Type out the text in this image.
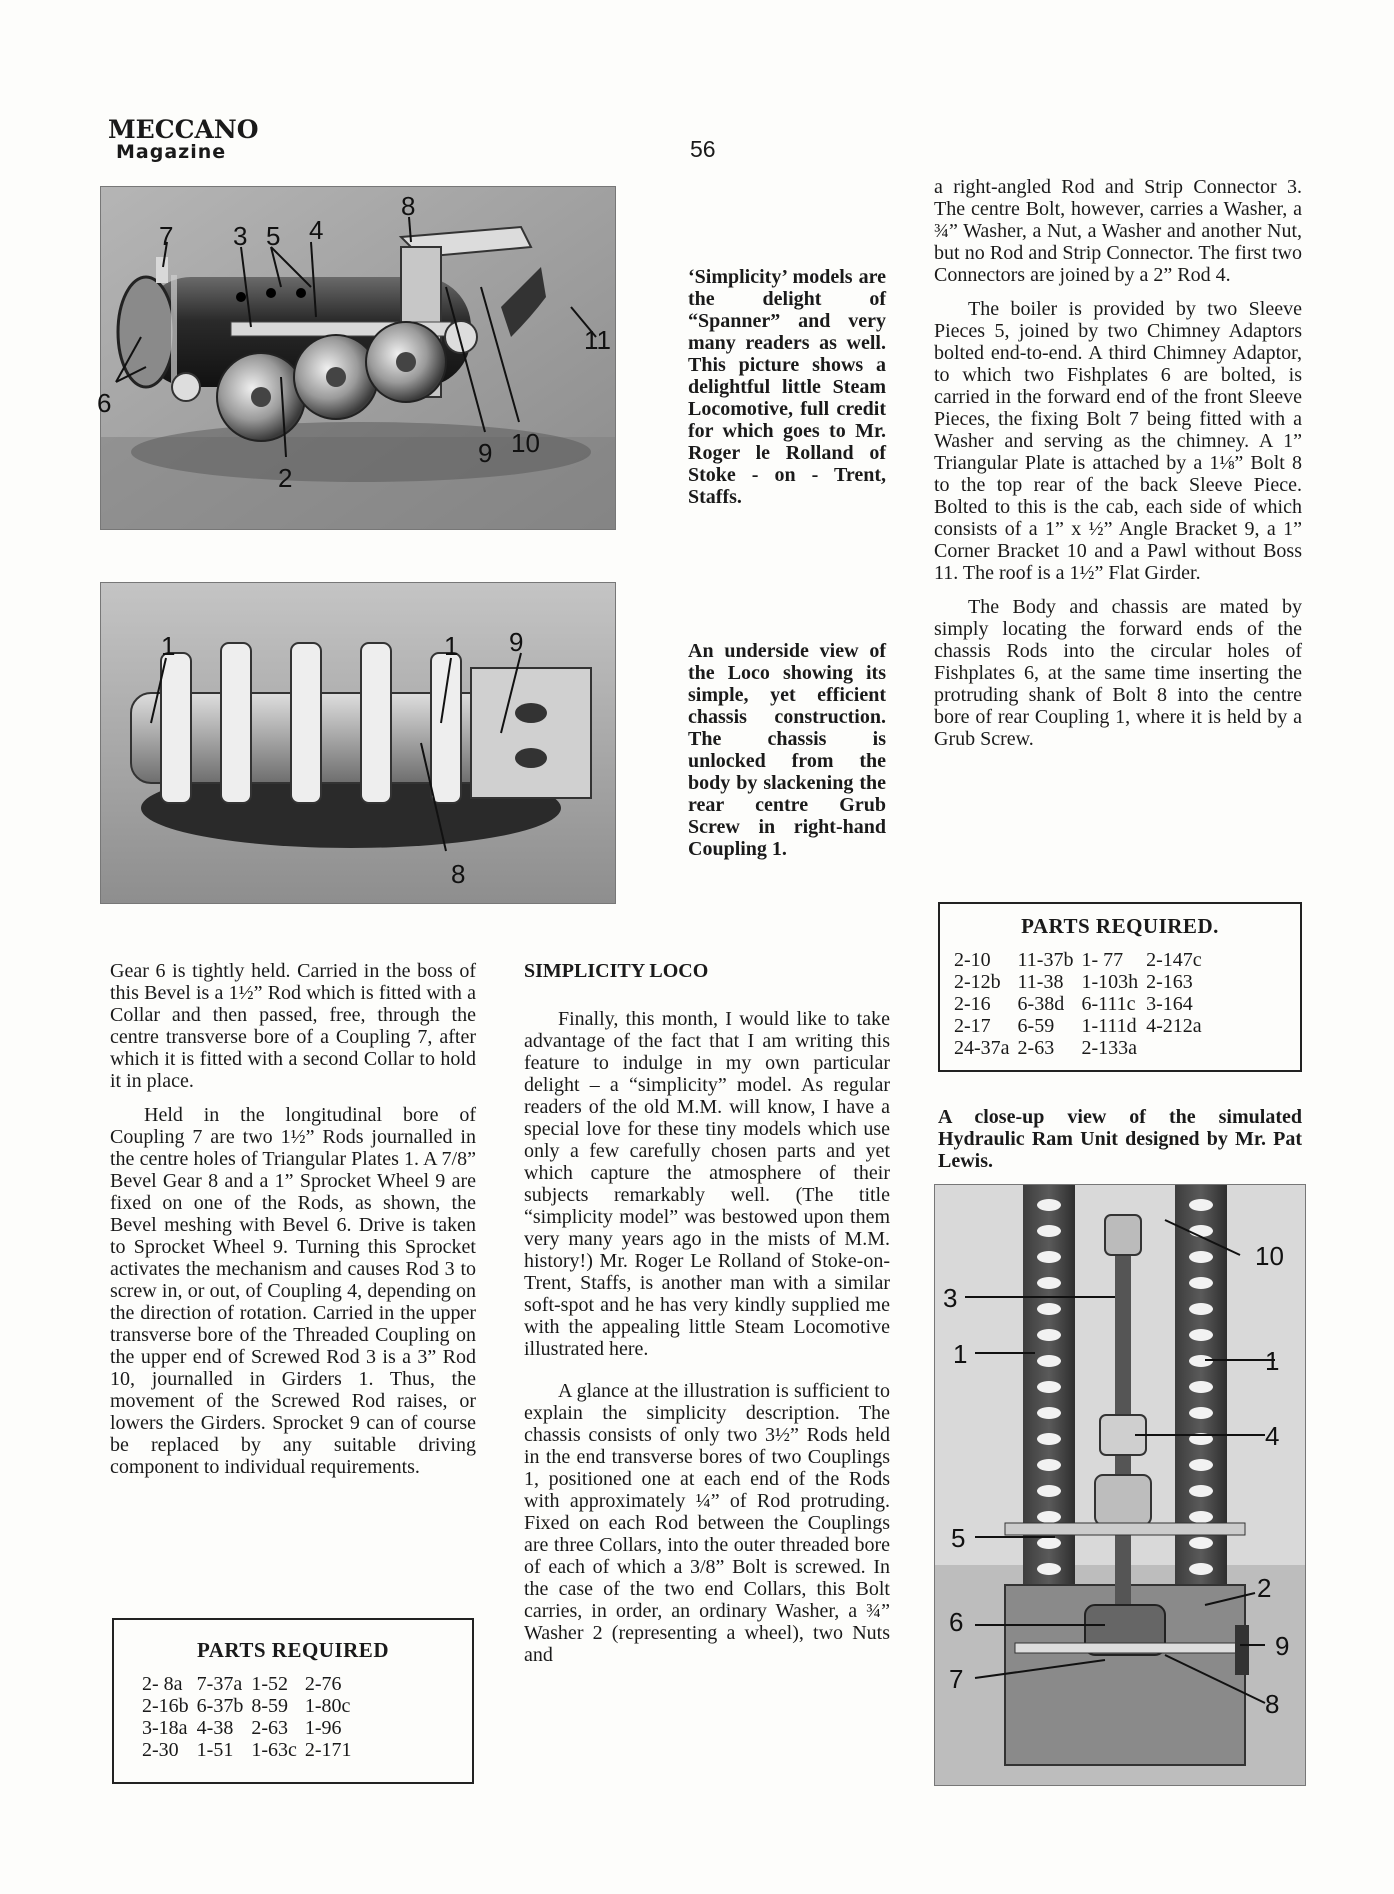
MECCANO
Magazine	56
7 3 5 4
8
11
6
2
9 10
‘Simplicity’ models are the delight of “Spanner” and very many readers as well. This picture shows a delightful little Steam Locomotive, full credit for which goes to Mr. Roger le Rolland of Stoke - on - Trent, Staffs.
1	1 9
8
An underside view of the Loco showing its simple, yet efficient chassis construction. The chassis is unlocked from the body by slackening the rear centre Grub Screw in right-hand Coupling 1.

a right-angled Rod and Strip Connector 3. The centre Bolt, however, carries a Washer, a ¾” Washer, a Nut, a Washer and another Nut, but no Rod and Strip Connector. The first two Connectors are joined by a 2” Rod 4.

The boiler is provided by two Sleeve Pieces 5, joined by two Chimney Adaptors bolted end-to-end. A third Chimney Adaptor, to which two Fishplates 6 are bolted, is carried in the forward end of the front Sleeve Pieces, the fixing Bolt 7 being fitted with a Washer and serving as the chimney. A 1” Triangular Plate is attached by a 1⅛” Bolt 8 to the top rear of the back Sleeve Piece. Bolted to this is the cab, each side of which consists of a 1” x ½” Angle Bracket 9, a 1” Corner Bracket 10 and a Pawl without Boss 11. The roof is a 1½” Flat Girder.

The Body and chassis are mated by simply locating the forward ends of the chassis Rods into the circular holes of Fishplates 6, at the same time inserting the protruding shank of Bolt 8 into the centre bore of rear Coupling 1, where it is held by a Grub Screw.

PARTS REQUIRED.
2-10	11-37b	1- 77	2-147c
2-12b	11-38	1-103h	2-163
2-16	6-38d	6-111c	3-164
2-17	6-59	1-111d	4-212a
24-37a	2-63	2-133a	
A close-up view of the simulated Hydraulic Ram Unit designed by Mr. Pat Lewis.
10
3
1	1
4
5
2
6
9
7
8

Gear 6 is tightly held. Carried in the boss of this Bevel is a 1½” Rod which is fitted with a Collar and then passed, free, through the centre transverse bore of a Coupling 7, after which it is fitted with a second Collar to hold it in place.

Held in the longitudinal bore of Coupling 7 are two 1½” Rods journalled in the centre holes of Triangular Plates 1. A 7/8” Bevel Gear 8 and a 1” Sprocket Wheel 9 are fixed on one of the Rods, as shown, the Bevel meshing with Bevel 6. Drive is taken to Sprocket Wheel 9. Turning this Sprocket activates the mechanism and causes Rod 3 to screw in, or out, of Coupling 4, depending on the direction of rotation. Carried in the upper transverse bore of the Threaded Coupling on the upper end of Screwed Rod 3 is a 3” Rod 10, journalled in Girders 1. Thus, the movement of the Screwed Rod raises, or lowers the Girders. Sprocket 9 can of course be replaced by any suitable driving component to individual requirements.

PARTS REQUIRED
2- 8a	7-37a	1-52	2-76
2-16b	6-37b	8-59	1-80c
3-18a	4-38	2-63	1-96
2-30	1-51	1-63c	2-171

SIMPLICITY LOCO

Finally, this month, I would like to take advantage of the fact that I am writing this feature to indulge in my own particular delight – a “simplicity” model. As regular readers of the old M.M. will know, I have a special love for these tiny models which use only a few carefully chosen parts and yet which capture the atmosphere of their subjects remarkably well. (The title “simplicity model” was bestowed upon them very many years ago in the mists of M.M. history!) Mr. Roger Le Rolland of Stoke-on-Trent, Staffs, is another man with a similar soft-spot and he has very kindly supplied me with the appealing little Steam Locomotive illustrated here.

A glance at the illustration is sufficient to explain the simplicity description. The chassis consists of only two 3½” Rods held in the end transverse bores of two Couplings 1, positioned one at each end of the Rods with approximately ¼” of Rod protruding. Fixed on each Rod between the Couplings are three Collars, into the outer threaded bore of each of which a 3/8” Bolt is screwed. In the case of the two end Collars, this Bolt carries, in order, an ordinary Washer, a ¾” Washer 2 (representing a wheel), two Nuts and
